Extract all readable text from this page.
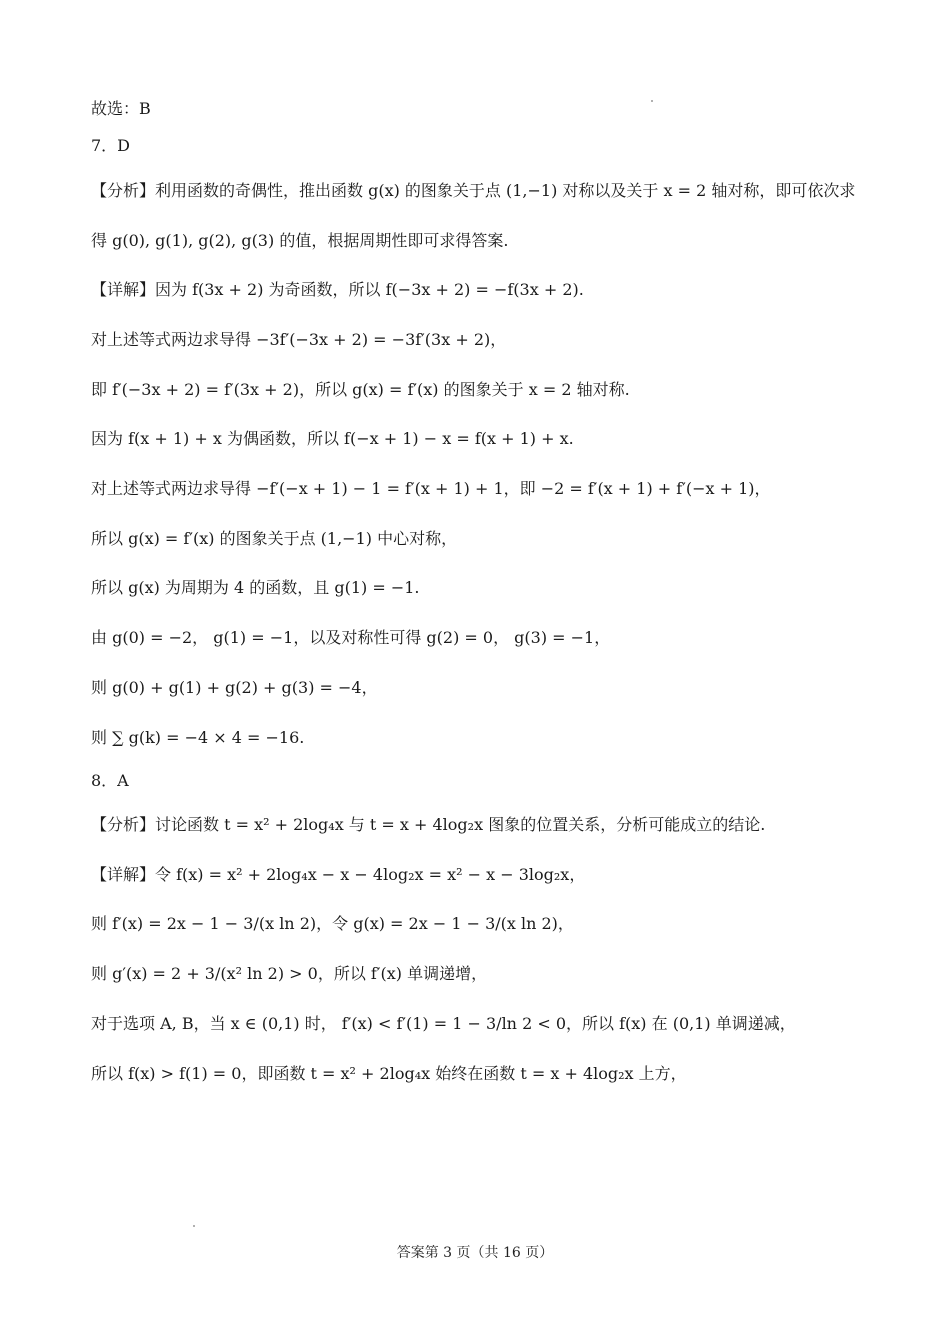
故选：B
7．D
【分析】利用函数的奇偶性，推出函数 g(x) 的图象关于点 (1,−1) 对称以及关于 x = 2 轴对称，即可依次求
得 g(0), g(1), g(2), g(3) 的值，根据周期性即可求得答案.
【详解】因为 f(3x + 2) 为奇函数，所以 f(−3x + 2) = −f(3x + 2).
对上述等式两边求导得 −3f′(−3x + 2) = −3f′(3x + 2)，
即 f′(−3x + 2) = f′(3x + 2)，所以 g(x) = f′(x) 的图象关于 x = 2 轴对称.
因为 f(x + 1) + x 为偶函数，所以 f(−x + 1) − x = f(x + 1) + x.
对上述等式两边求导得 −f′(−x + 1) − 1 = f′(x + 1) + 1，即 −2 = f′(x + 1) + f′(−x + 1)，
所以 g(x) = f′(x) 的图象关于点 (1,−1) 中心对称，
所以 g(x) 为周期为 4 的函数，且 g(1) = −1.
由 g(0) = −2， g(1) = −1，以及对称性可得 g(2) = 0， g(3) = −1，
则 g(0) + g(1) + g(2) + g(3) = −4，
则 ∑ g(k) = −4 × 4 = −16.
8．A
【分析】讨论函数 t = x² + 2log₄x 与 t = x + 4log₂x 图象的位置关系，分析可能成立的结论.
【详解】令 f(x) = x² + 2log₄x − x − 4log₂x = x² − x − 3log₂x，
则 f′(x) = 2x − 1 − 3/(x ln 2)，令 g(x) = 2x − 1 − 3/(x ln 2)，
则 g′(x) = 2 + 3/(x² ln 2) > 0，所以 f′(x) 单调递增，
对于选项 A, B，当 x ∈ (0,1) 时， f′(x) < f′(1) = 1 − 3/ln 2 < 0，所以 f(x) 在 (0,1) 单调递减，
所以 f(x) > f(1) = 0，即函数 t = x² + 2log₄x 始终在函数 t = x + 4log₂x 上方，
答案第 3 页（共 16 页）
